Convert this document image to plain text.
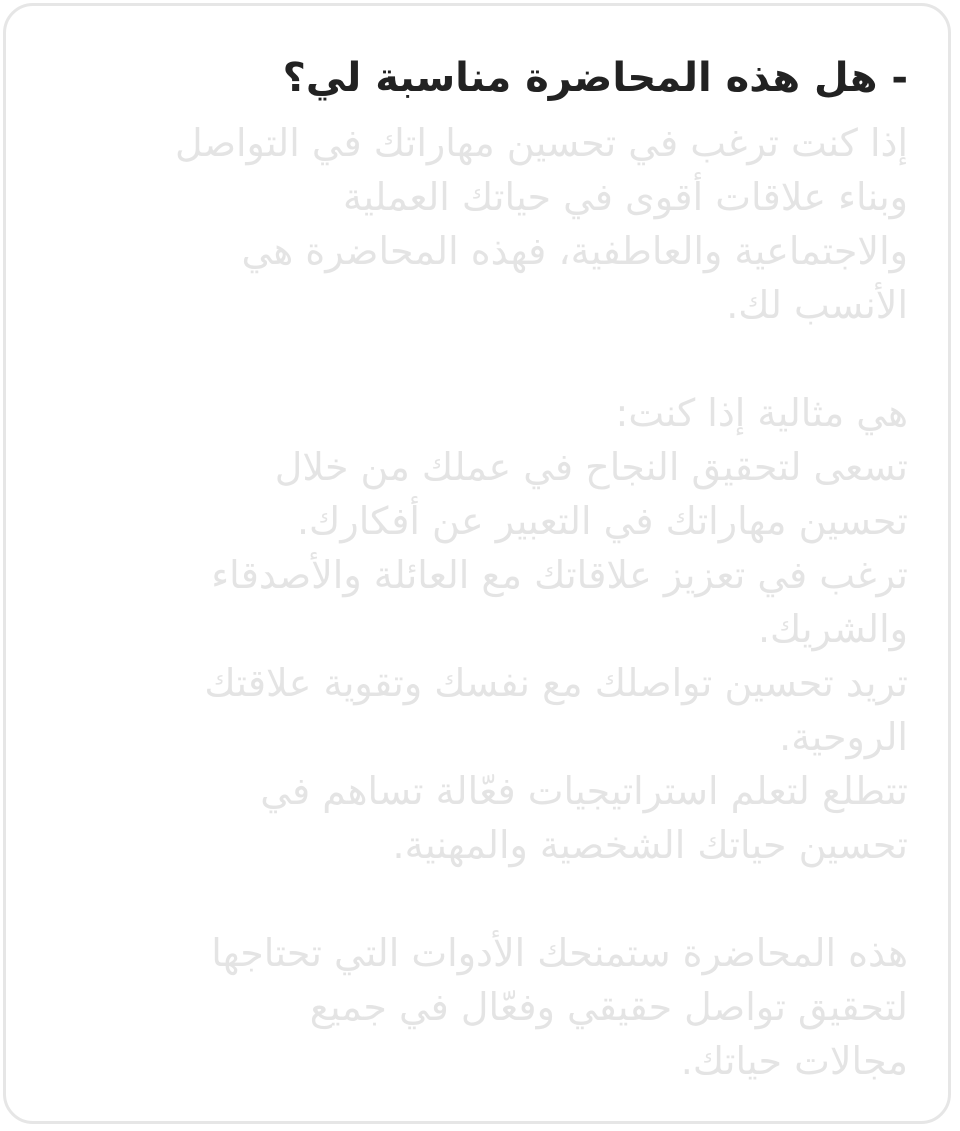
- هل هذه المحاضرة مناسبة لي؟
إذا كنت ترغب في تحسين مهاراتك في التواصل
وبناء علاقات أقوى في حياتك العملية
والاجتماعية والعاطفية، فهذه المحاضرة هي
الأنسب لك.
هي مثالية إذا كنت:
تسعى لتحقيق النجاح في عملك من خلال
تحسين مهاراتك في التعبير عن أفكارك.
ترغب في تعزيز علاقاتك مع العائلة والأصدقاء
والشريك.
تريد تحسين تواصلك مع نفسك وتقوية علاقتك
الروحية.
تتطلع لتعلم استراتيجيات فعّالة تساهم في
تحسين حياتك الشخصية والمهنية.
هذه المحاضرة ستمنحك الأدوات التي تحتاجها
لتحقيق تواصل حقيقي وفعّال في جميع
مجالات حياتك.
